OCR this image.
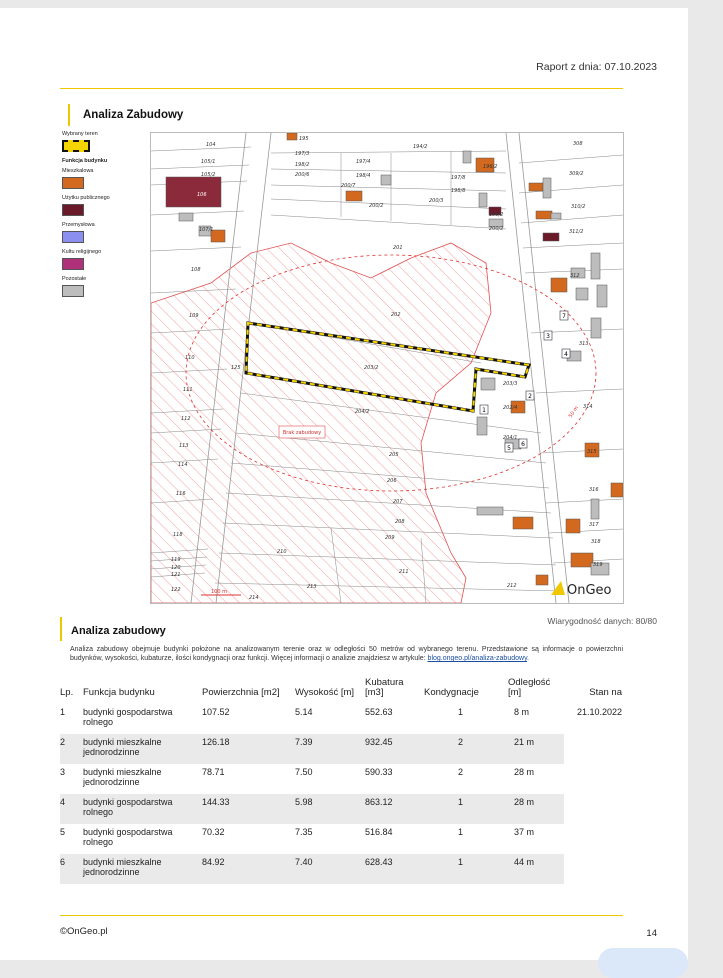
Raport z dnia: 07.10.2023
Analiza Zabudowy
Wybrany teren
Funkcja budynku
Mieszkalowa
Użytku publicznego
Przemysłowa
Kultu religijnego
Pozostałe
1
2
3
4
5
6
7
104
105/1
105/2
106
107/1
108
109
110
111
112
113
114
116
118
119
120
121
122
195
197/3
198/2
200/6
197/4
198/4
200/7
200/2
194/2
196/2
197/8
198/8
200/3
199/2
200/2
201
202
203/2
204/2
205
206
207
208
209
210
211
212
213
214
308
309/2
310/2
311/2
312
313
314
315
316
317
318
319
203/3
202/4
204/1
125
Brak zabudowy
50 m
100 m	OnGeo
Wiarygodność danych: 80/80
Analiza zabudowy
Analiza zabudowy obejmuje budynki położone na analizowanym terenie oraz w odległości 50 metrów od wybranego terenu. Przedstawione są informacje o powierzchni budynków, wysokości, kubaturze, ilości kondygnacji oraz funkcji. Więcej informacji o analizie znajdziesz w artykule: blog.ongeo.pl/analiza-zabudowy.
Lp.	Funkcja budynku	Powierzchnia [m2]	Wysokość [m]	Kubatura [m3]	Kondygnacje	Odległość [m]	Stan na
1	budynki gospodarstwa rolnego	107.52	5.14	552.63	1	8 m	21.10.2022
2	budynki mieszkalne jednorodzinne	126.18	7.39	932.45	2	21 m	
3	budynki mieszkalne jednorodzinne	78.71	7.50	590.33	2	28 m	
4	budynki gospodarstwa rolnego	144.33	5.98	863.12	1	28 m	
5	budynki gospodarstwa rolnego	70.32	7.35	516.84	1	37 m	
6	budynki mieszkalne jednorodzinne	84.92	7.40	628.43	1	44 m	
©OnGeo.pl	14
